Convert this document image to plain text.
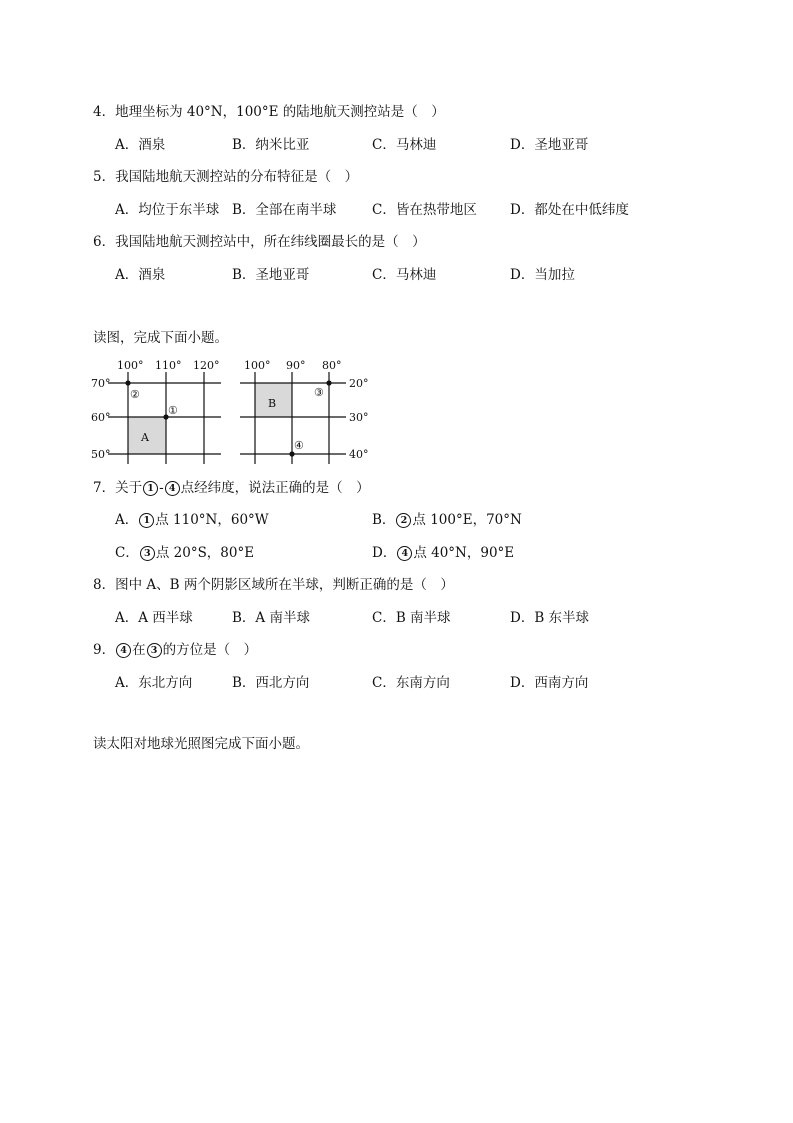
4．地理坐标为 40°N，100°E 的陆地航天测控站是（　）
A．酒泉	B．纳米比亚	C．马林迪	D．圣地亚哥
5．我国陆地航天测控站的分布特征是（　）
A．均位于东半球 B．全部在南半球	C．皆在热带地区 D．都处在中低纬度
6．我国陆地航天测控站中，所在纬线圈最长的是（　）
A．酒泉	B．圣地亚哥	C．马林迪	D．当加拉
读图，完成下面小题。
100° 110° 120°
70°
60°
50°
②
①
A
100° 90° 80°
20°
30°
40°
③
④
B
7．关于 1 - 4 点经纬度，说法正确的是（　）
A． 1 点 110°N，60°W	B． 2 点 100°E，70°N
C． 3 点 20°S，80°E	D． 4 点 40°N，90°E
8．图中 A、B 两个阴影区域所在半球，判断正确的是（　）
A．A 西半球	B．A 南半球	C．B 南半球	D．B 东半球
9． 4 在 3 的方位是（　）
A．东北方向	B．西北方向	C．东南方向	D．西南方向
读太阳对地球光照图完成下面小题。
